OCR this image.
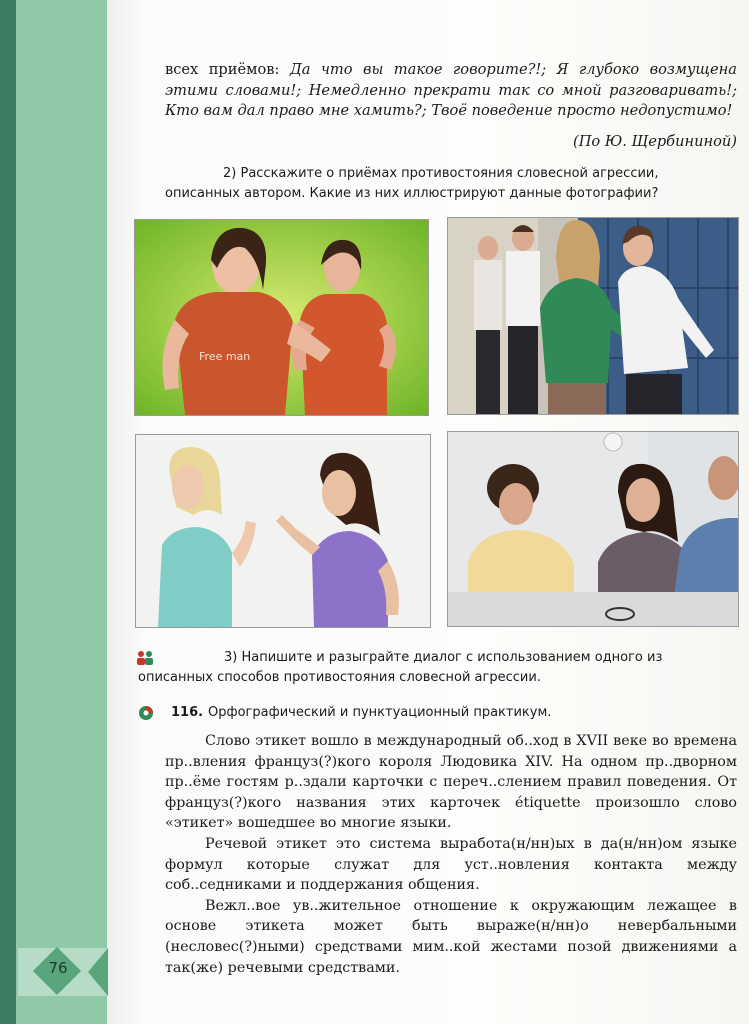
76
всех приёмов: Да что вы такое говорите?!; Я глубоко возмущена этими словами!; Немедленно прекрати так со мной разговаривать!; Кто вам дал право мне хамить?; Твоё поведение просто недопустимо!
(По Ю. Щербининой)
2) Расскажите о приёмах противостояния словесной агрессии, описанных автором. Какие из них иллюстрируют данные фотографии?
Free man
3) Напишите и разыграйте диалог с использованием одного из описанных способов противостояния словесной агрессии.
116. Орфографический и пунктуационный практикум.

Слово этикет вошло в международный об..ход в XVII веке во времена пр..вления француз(?)кого короля Людовика XIV. На одном пр..дворном пр..ёме гостям р..здали карточки с переч..слением правил поведения. От француз(?)кого названия этих карточек étiquette произошло слово «этикет» вошедшее во многие языки.

Речевой этикет это система выработа(н/нн)ых в да(н/нн)ом языке формул которые служат для уст..новления контакта между соб..седниками и поддержания общения.

Вежл..вое ув..жительное отношение к окружающим лежащее в основе этикета может быть выраже(н/нн)о невербальными (несловес(?)ными) средствами мим..кой жестами позой движениями а так(же) речевыми средствами.
